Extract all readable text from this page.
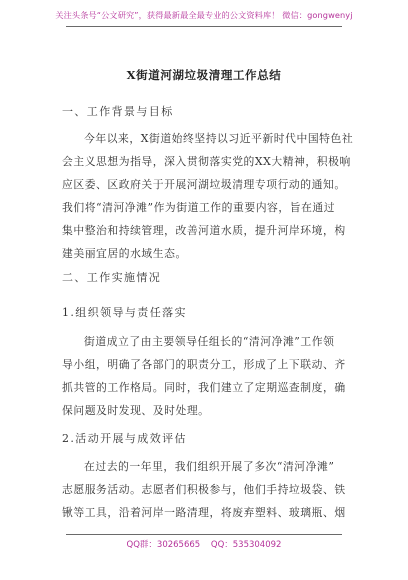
关注头条号“公文研究”，获得最新最全最专业的公文资料库！ 微信：gongwenyj
X街道河湖垃圾清理工作总结
一、工作背景与目标
今年以来，X街道始终坚持以习近平新时代中国特色社
会主义思想为指导，深入贯彻落实党的XX大精神，积极响
应区委、区政府关于开展河湖垃圾清理专项行动的通知。
我们将“清河净滩”作为街道工作的重要内容，旨在通过
集中整治和持续管理，改善河道水质，提升河岸环境，构
建美丽宜居的水域生态。
二、工作实施情况
1.组织领导与责任落实
街道成立了由主要领导任组长的“清河净滩”工作领
导小组，明确了各部门的职责分工，形成了上下联动、齐
抓共管的工作格局。同时，我们建立了定期巡查制度，确
保问题及时发现、及时处理。
2.活动开展与成效评估
在过去的一年里，我们组织开展了多次“清河净滩”
志愿服务活动。志愿者们积极参与，他们手持垃圾袋、铁
锹等工具，沿着河岸一路清理，将废弃塑料、玻璃瓶、烟
QQ群：30265665 QQ：535304092
